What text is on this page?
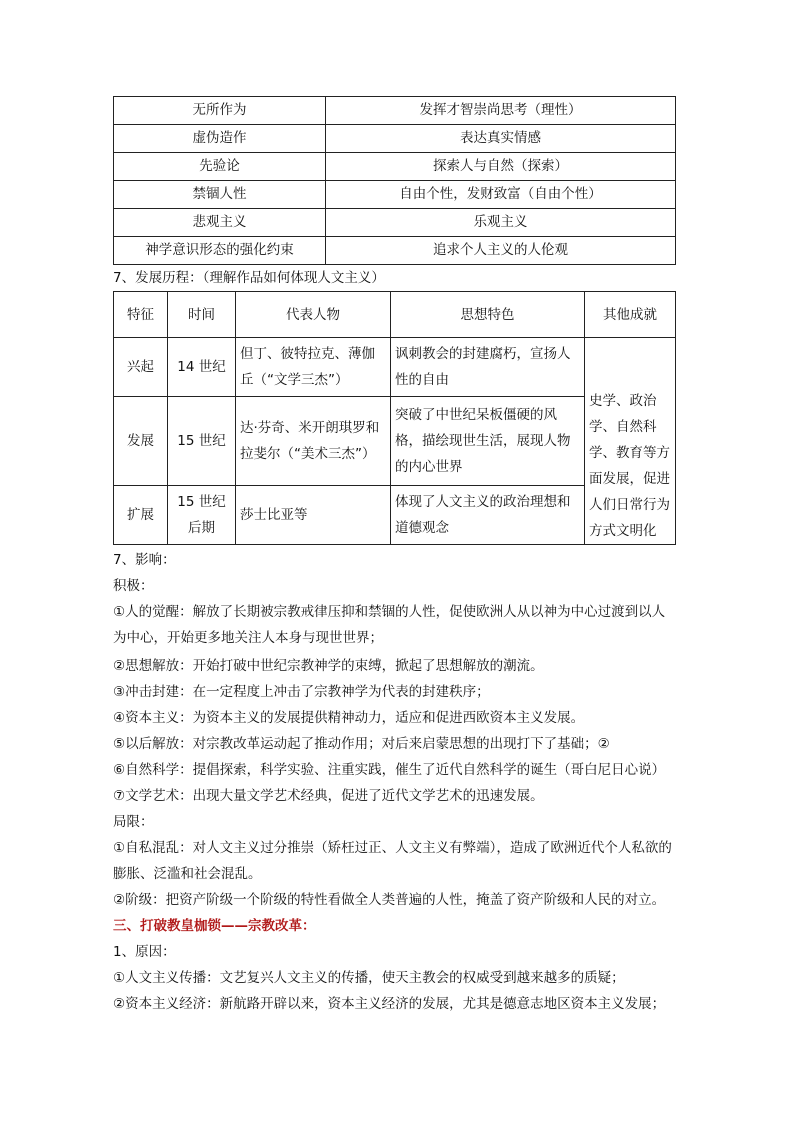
无所作为	发挥才智崇尚思考（理性）
虚伪造作	表达真实情感
先验论	探索人与自然（探索）
禁锢人性	自由个性，发财致富（自由个性）
悲观主义	乐观主义
神学意识形态的强化约束	追求个人主义的人伦观

7、发展历程：（理解作品如何体现人文主义）

特征	时间	代表人物	思想特色	其他成就
兴起	14 世纪	但丁、彼特拉克、薄伽丘（“文学三杰”）	讽刺教会的封建腐朽，宣扬人性的自由	史学、政治学、自然科学、教育等方面发展，促进人们日常行为方式文明化
发展	15 世纪	达·芬奇、米开朗琪罗和拉斐尔（“美术三杰”）	突破了中世纪呆板僵硬的风格，描绘现世生活，展现人物的内心世界	
扩展	15 世纪后期	莎士比亚等	体现了人文主义的政治理想和道德观念	

7、影响：

积极：

①人的觉醒：解放了长期被宗教戒律压抑和禁锢的人性，促使欧洲人从以神为中心过渡到以人为中心，开始更多地关注人本身与现世世界；

②思想解放：开始打破中世纪宗教神学的束缚，掀起了思想解放的潮流。

③冲击封建：在一定程度上冲击了宗教神学为代表的封建秩序；

④资本主义：为资本主义的发展提供精神动力，适应和促进西欧资本主义发展。

⑤以后解放：对宗教改革运动起了推动作用；对后来启蒙思想的出现打下了基础；②

⑥自然科学：提倡探索，科学实验、注重实践，催生了近代自然科学的诞生（哥白尼日心说）

⑦文学艺术：出现大量文学艺术经典，促进了近代文学艺术的迅速发展。

局限：

①自私混乱：对人文主义过分推崇（矫枉过正、人文主义有弊端），造成了欧洲近代个人私欲的膨胀、泛滥和社会混乱。

②阶级：把资产阶级一个阶级的特性看做全人类普遍的人性，掩盖了资产阶级和人民的对立。

三、打破教皇枷锁——宗教改革：

1、原因：

①人文主义传播：文艺复兴人文主义的传播，使天主教会的权威受到越来越多的质疑；

②资本主义经济：新航路开辟以来，资本主义经济的发展，尤其是德意志地区资本主义发展；
